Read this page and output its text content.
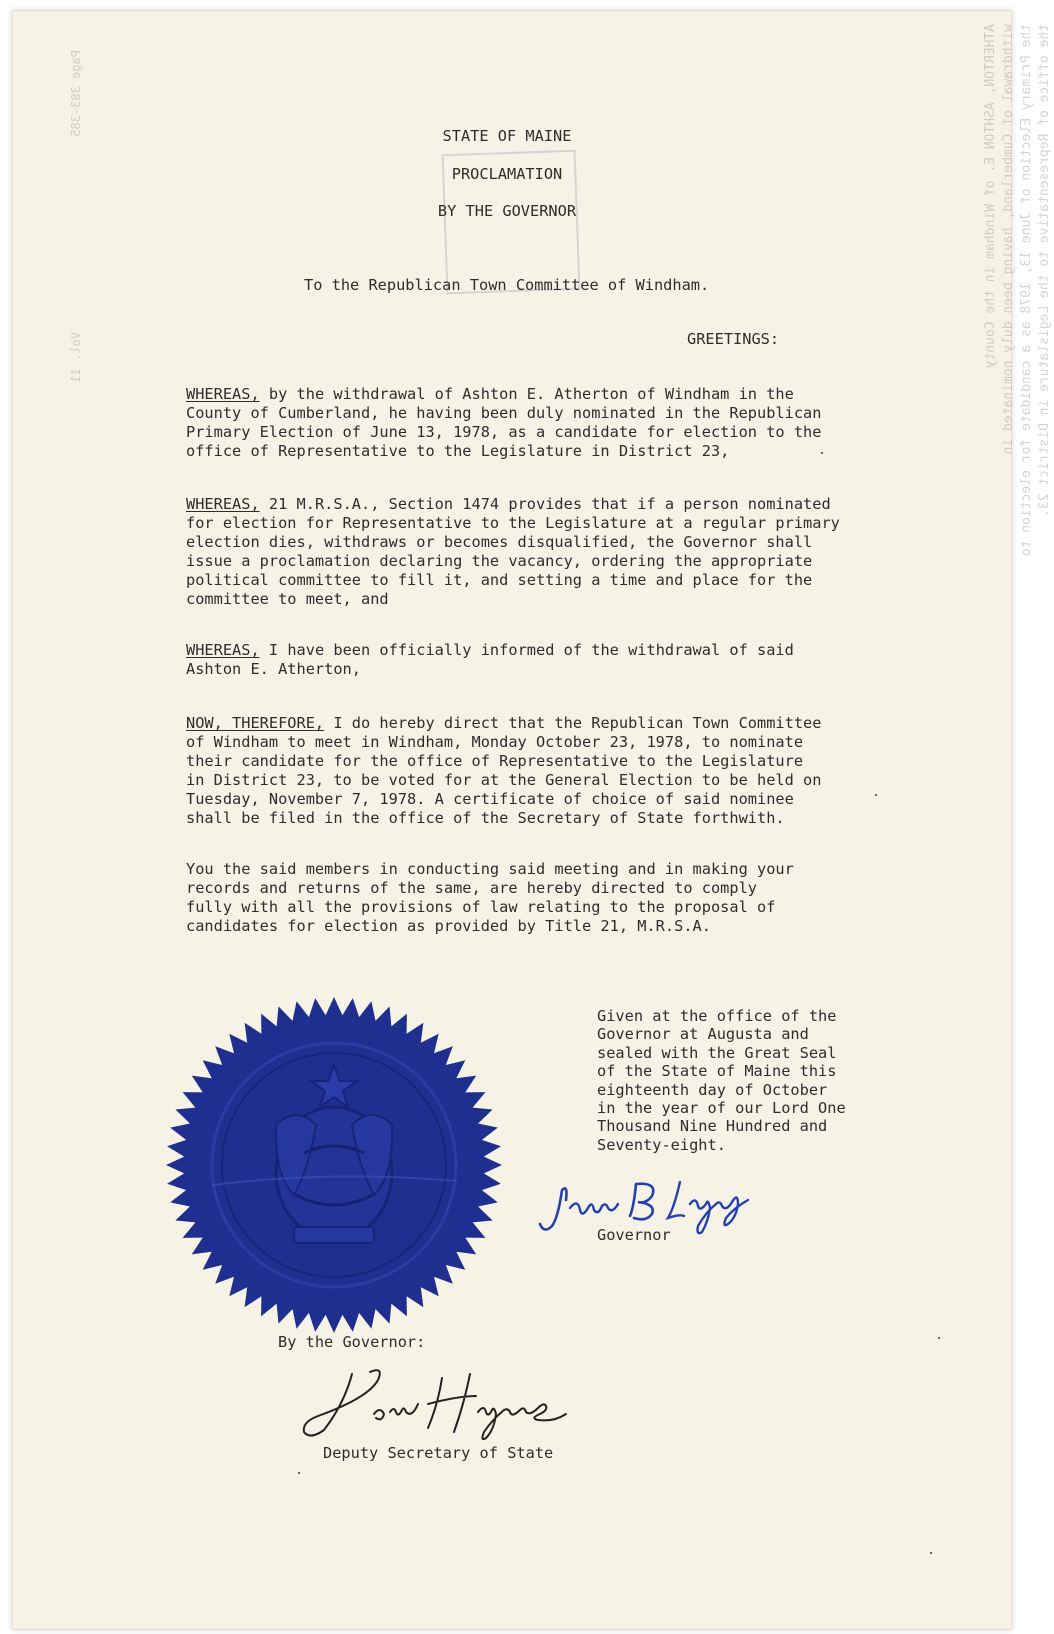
ATHERTON, ASHTON E. of Windham in the County withdrawal of Cumberland, having been duly nominated in the Primary Election of June 13, 1978 as a candidate for election to the office of Representative to the Legislature in District 23.
Page 383-385
Vol. 11

STATE OF MAINE

PROCLAMATION

BY THE GOVERNOR

To the Republican Town Committee of Windham.

GREETINGS:

WHEREAS, by the withdrawal of Ashton E. Atherton of Windham in the
County of Cumberland, he having been duly nominated in the Republican
Primary Election of June 13, 1978, as a candidate for election to the
office of Representative to the Legislature in District 23,
WHEREAS, 21 M.R.S.A., Section 1474 provides that if a person nominated
for election for Representative to the Legislature at a regular primary
election dies, withdraws or becomes disqualified, the Governor shall
issue a proclamation declaring the vacancy, ordering the appropriate
political committee to fill it, and setting a time and place for the
committee to meet, and
WHEREAS, I have been officially informed of the withdrawal of said
Ashton E. Atherton,
NOW, THEREFORE, I do hereby direct that the Republican Town Committee
of Windham to meet in Windham, Monday October 23, 1978, to nominate
their candidate for the office of Representative to the Legislature
in District 23, to be voted for at the General Election to be held on
Tuesday, November 7, 1978. A certificate of choice of said nominee
shall be filed in the office of the Secretary of State forthwith.
You the said members in conducting said meeting and in making your
records and returns of the same, are hereby directed to comply
fully with all the provisions of law relating to the proposal of
candidates for election as provided by Title 21, M.R.S.A.
Given at the office of the
Governor at Augusta and
sealed with the Great Seal
of the State of Maine this
eighteenth day of October
in the year of our Lord One
Thousand Nine Hundred and
Seventy-eight.

Governor

By the Governor:

Deputy Secretary of State
